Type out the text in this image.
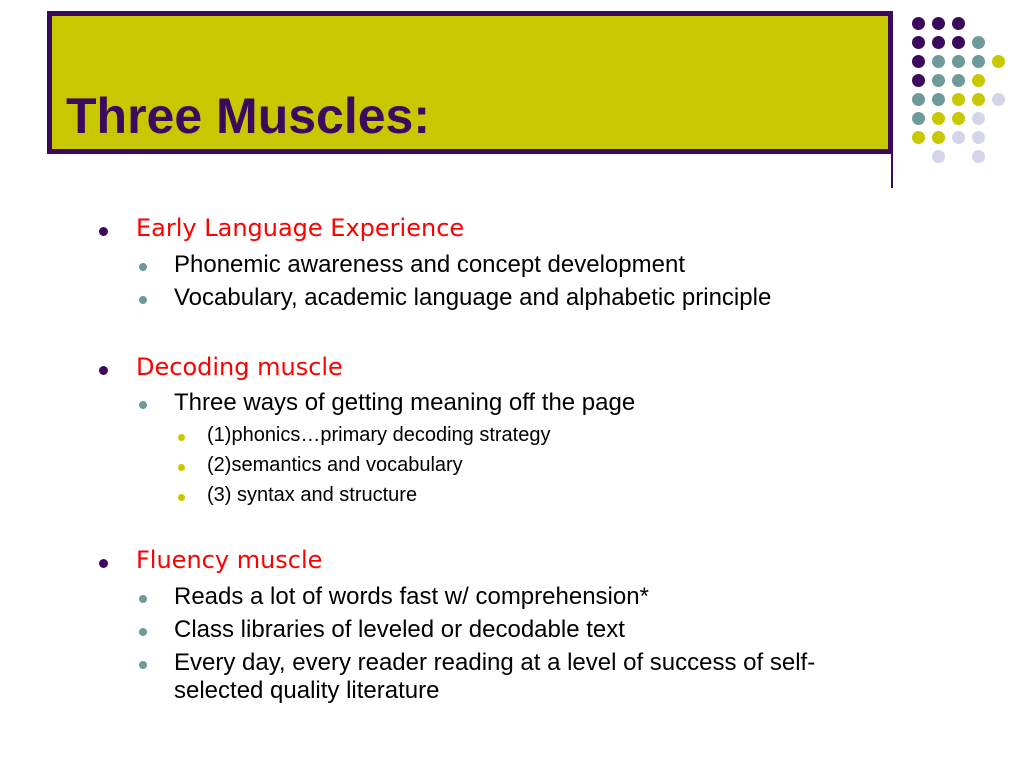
Three Muscles:
Early Language Experience
Phonemic awareness and concept development
Vocabulary, academic language and alphabetic principle
Decoding muscle
Three ways of getting meaning off the page
(1)phonics…primary decoding strategy
(2)semantics and vocabulary
(3) syntax and structure
Fluency muscle
Reads a lot of words fast w/ comprehension*
Class libraries of leveled or decodable text
Every day, every reader reading at a level of success of self-
selected quality literature
